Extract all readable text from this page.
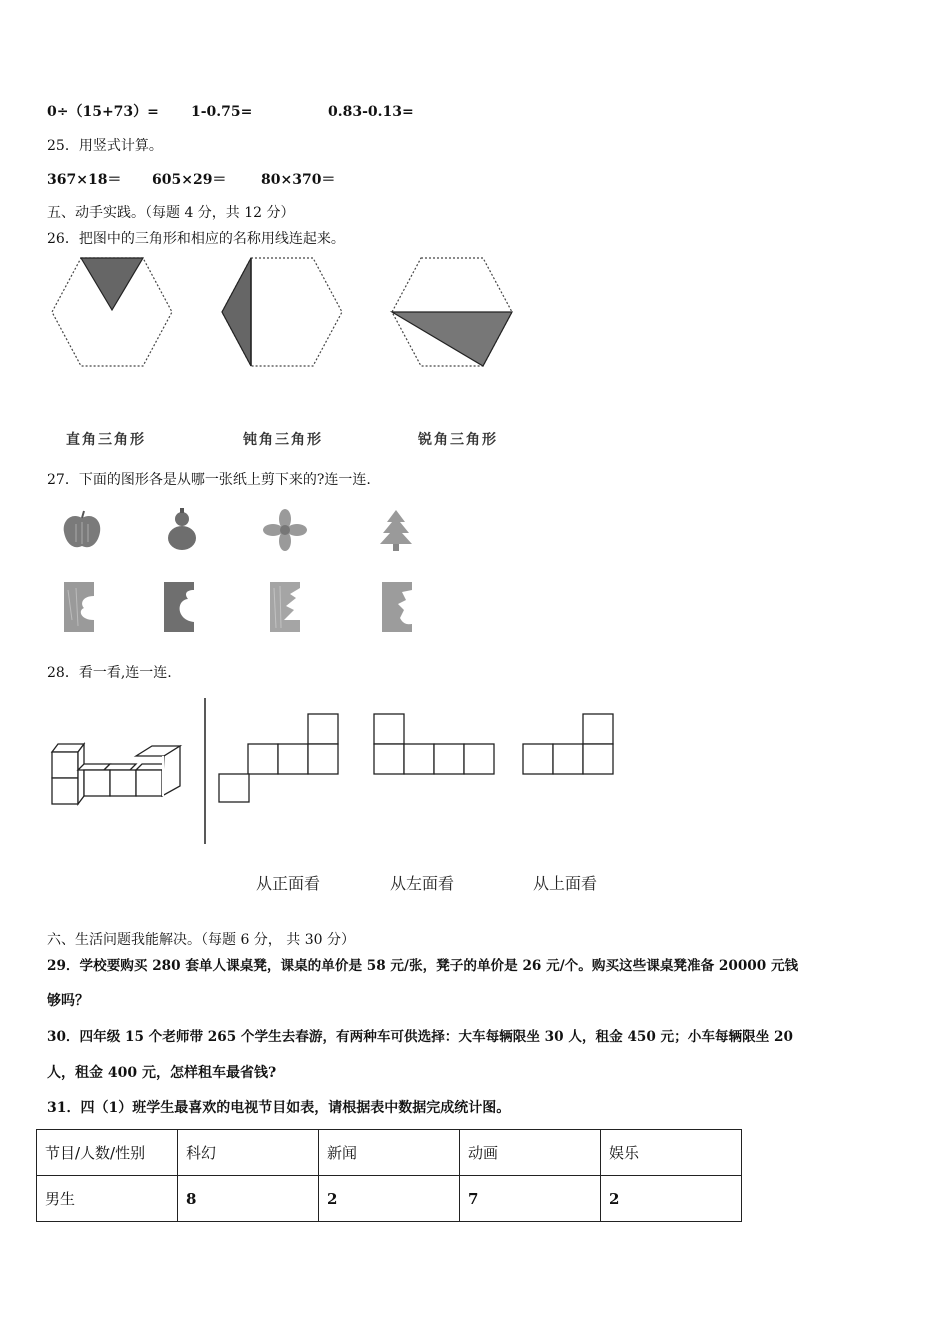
0÷（15+73）= 1-0.75=	0.83-0.13=
25．用竖式计算。
367×18＝ 605×29＝ 80×370＝
五、动手实践。（每题 4 分，共 12 分）
26．把图中的三角形和相应的名称用线连起来。
直角三角形	钝角三角形	锐角三角形
27．下面的图形各是从哪一张纸上剪下来的?连一连.
28．看一看,连一连.
从正面看	从左面看	从上面看
六、生活问题我能解决。（每题 6 分， 共 30 分）
29．学校要购买 280 套单人课桌凳，课桌的单价是 58 元/张，凳子的单价是 26 元/个。购买这些课桌凳准备 20000 元钱
够吗？
30．四年级 15 个老师带 265 个学生去春游，有两种车可供选择：大车每辆限坐 30 人，租金 450 元；小车每辆限坐 20
人，租金 400 元，怎样租车最省钱?
31．四（1）班学生最喜欢的电视节目如表，请根据表中数据完成统计图。
节目/人数/性别	科幻	新闻	动画	娱乐
男生	8	2	7	2
